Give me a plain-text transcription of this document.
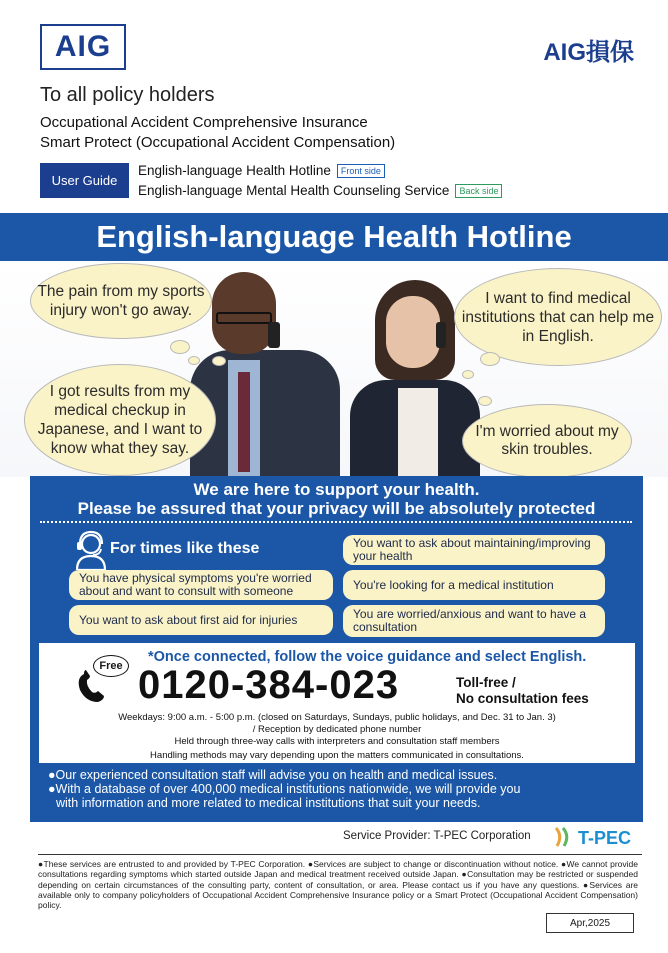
AIG	AIG損保
To all policy holders
Occupational Accident Comprehensive Insurance
Smart Protect (Occupational Accident Compensation)
User Guide
English-language Health Hotline	Front side
English-language Mental Health Counseling Service	Back side
English-language Health Hotline
The pain from my sports injury won't go away.
I got results from my medical checkup in Japanese, and I want to know what they say.
I want to find medical institutions that can help me in English.
I'm worried about my skin troubles.
We are here to support your health.
Please be assured that your privacy will be absolutely protected
For times like these	You want to ask about maintaining/improving your health
You have physical symptoms you're worried about and want to consult with someone	You're looking for a medical institution
You want to ask about first aid for injuries	You are worried/anxious and want to have a consultation
*Once connected, follow the voice guidance and select English.
Free 0120-384-023	Toll-free /
No consultation fees
Weekdays: 9:00 a.m. - 5:00 p.m. (closed on Saturdays, Sundays, public holidays, and Dec. 31 to Jan. 3)
/ Reception by dedicated phone number
Held through three-way calls with interpreters and consultation staff members
Handling methods may vary depending upon the matters communicated in consultations.
●Our experienced consultation staff will advise you on health and medical issues.
●With a database of over 400,000 medical institutions nationwide, we will provide you
with information and more related to medical institutions that suit your needs.
Service Provider: T-PEC Corporation	T-PEC
●These services are entrusted to and provided by T-PEC Corporation. ●Services are subject to change or discontinuation without notice. ●We cannot provide consultations regarding symptoms which started outside Japan and medical treatment received outside Japan. ●Consultation may be restricted or suspended depending on certain circumstances of the consulting party, content of consultation, or area. Please contact us if you have any questions. ●Services are available only to company policyholders of Occupational Accident Comprehensive Insurance policy or a Smart Protect (Occupational Accident Compensation) policy.
Apr,2025
